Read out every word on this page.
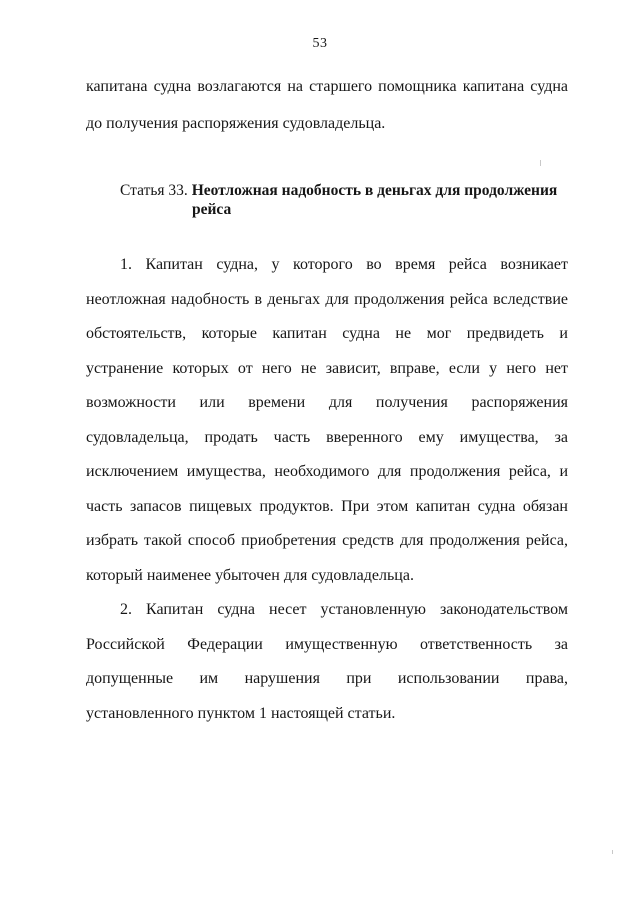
53
капитана судна возлагаются на старшего помощника капитана судна
до получения распоряжения судовладельца.
Статья 33. Неотложная надобность в деньгах для продолжения
рейса
1. Капитан судна, у которого во время рейса возникает
неотложная надобность в деньгах для продолжения рейса вследствие
обстоятельств, которые капитан судна не мог предвидеть и
устранение которых от него не зависит, вправе, если у него нет
возможности или времени для получения распоряжения
судовладельца, продать часть вверенного ему имущества, за
исключением имущества, необходимого для продолжения рейса, и
часть запасов пищевых продуктов. При этом капитан судна обязан
избрать такой способ приобретения средств для продолжения рейса,
который наименее убыточен для судовладельца.
2. Капитан судна несет установленную законодательством
Российской Федерации имущественную ответственность за
допущенные им нарушения при использовании права,
установленного пунктом 1 настоящей статьи.
